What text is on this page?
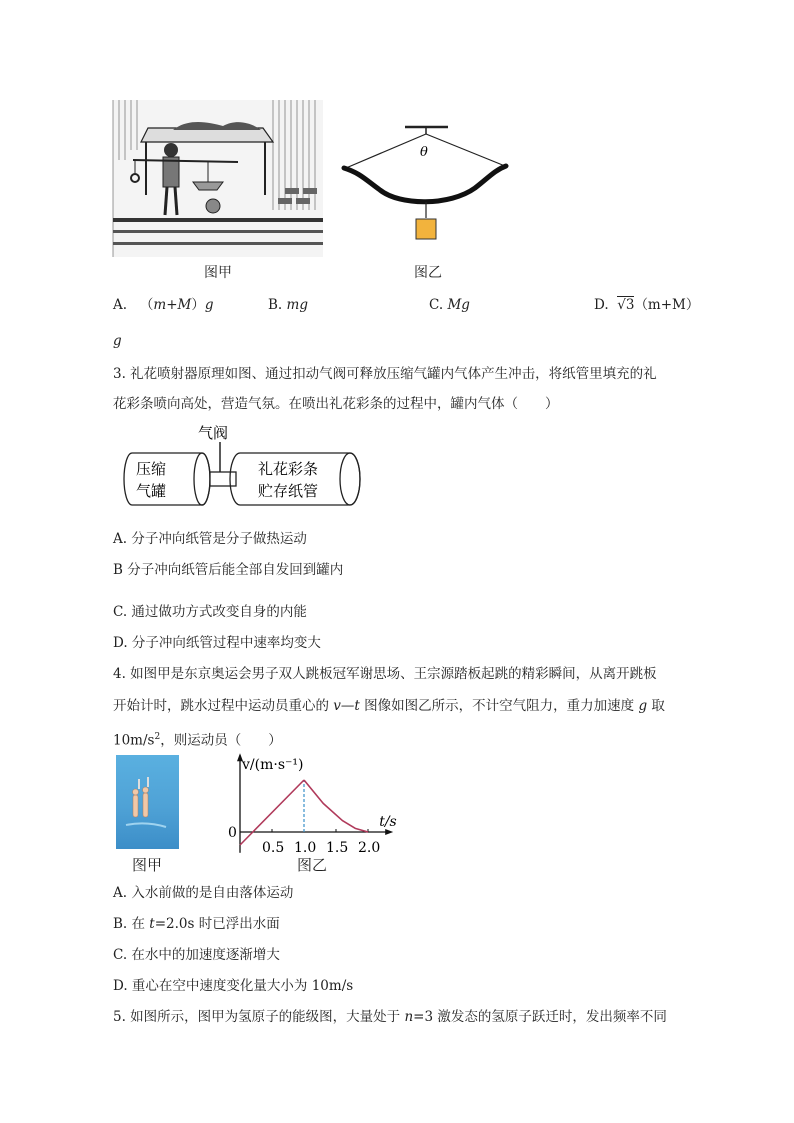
图甲
θ
图乙
A. （m+M）g	B. mg	C. Mg	D. √3（m+M）
g
3. 礼花喷射器原理如图、通过扣动气阀可释放压缩气罐内气体产生冲击，将纸管里填充的礼
花彩条喷向高处，营造气氛。在喷出礼花彩条的过程中，罐内气体（　　）
气阀
压缩
气罐
礼花彩条
贮存纸管
A. 分子冲向纸管是分子做热运动
B 分子冲向纸管后能全部自发回到罐内
C. 通过做功方式改变自身的内能
D. 分子冲向纸管过程中速率均变大
4. 如图甲是东京奥运会男子双人跳板冠军谢思场、王宗源踏板起跳的精彩瞬间，从离开跳板
开始计时，跳水过程中运动员重心的 v—t 图像如图乙所示，不计空气阻力，重力加速度 g 取
$10m/s^2$，则运动员（　　）
图甲
v/(m·s⁻¹)
t/s
0
0.5 1.0 1.5 2.0
图乙
A. 入水前做的是自由落体运动
B. 在 t=2.0s 时已浮出水面
C. 在水中的加速度逐渐增大
D. 重心在空中速度变化量大小为 10m/s
5. 如图所示，图甲为氢原子的能级图，大量处于 n=3 激发态的氢原子跃迁时，发出频率不同
